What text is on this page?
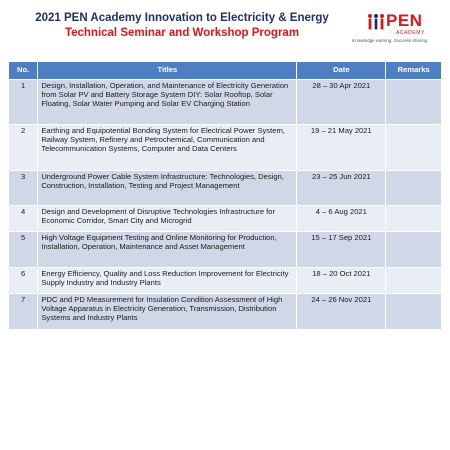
2021 PEN Academy Innovation to Electricity & Energy
Technical Seminar and Workshop Program
PEN
ACADEMY
Knowledge earning, Success sharing
No.	Titles	Date	Remarks
1	Design, Installation, Operation, and Maintenance of Electricity Generation from Solar PV and Battery Storage System DIY: Solar Rooftop, Solar Floating, Solar Water Pumping and Solar EV Charging Station	28 – 30 Apr 2021	
2	Earthing and Equipotential Bonding System for Electrical Power System, Railway System, Refinery and Petrochemical, Communication and Telecommunication Systems, Computer and Data Centers	19 – 21 May 2021	
3	Underground Power Cable System Infrastructure: Technologies, Design, Construction, Installation, Testing and Project Management	23 – 25 Jun 2021	
4	Design and Development of Disruptive Technologies Infrastructure for Economic Corridor, Smart City and Microgrid	4 – 6 Aug 2021	
5	High Voltage Equipment Testing and Online Monitoring for Production, Installation, Operation, Maintenance and Asset Management	15 – 17 Sep 2021	
6	Energy Efficiency, Quality and Loss Reduction Improvement for Electricity Supply Industry and Industry Plants	18 – 20 Oct 2021	
7	PDC and PD Measurement for Insulation Condition Assessment of High Voltage Apparatus in Electricity Generation, Transmission, Distribution Systems and Industry Plants	24 – 26 Nov 2021	
